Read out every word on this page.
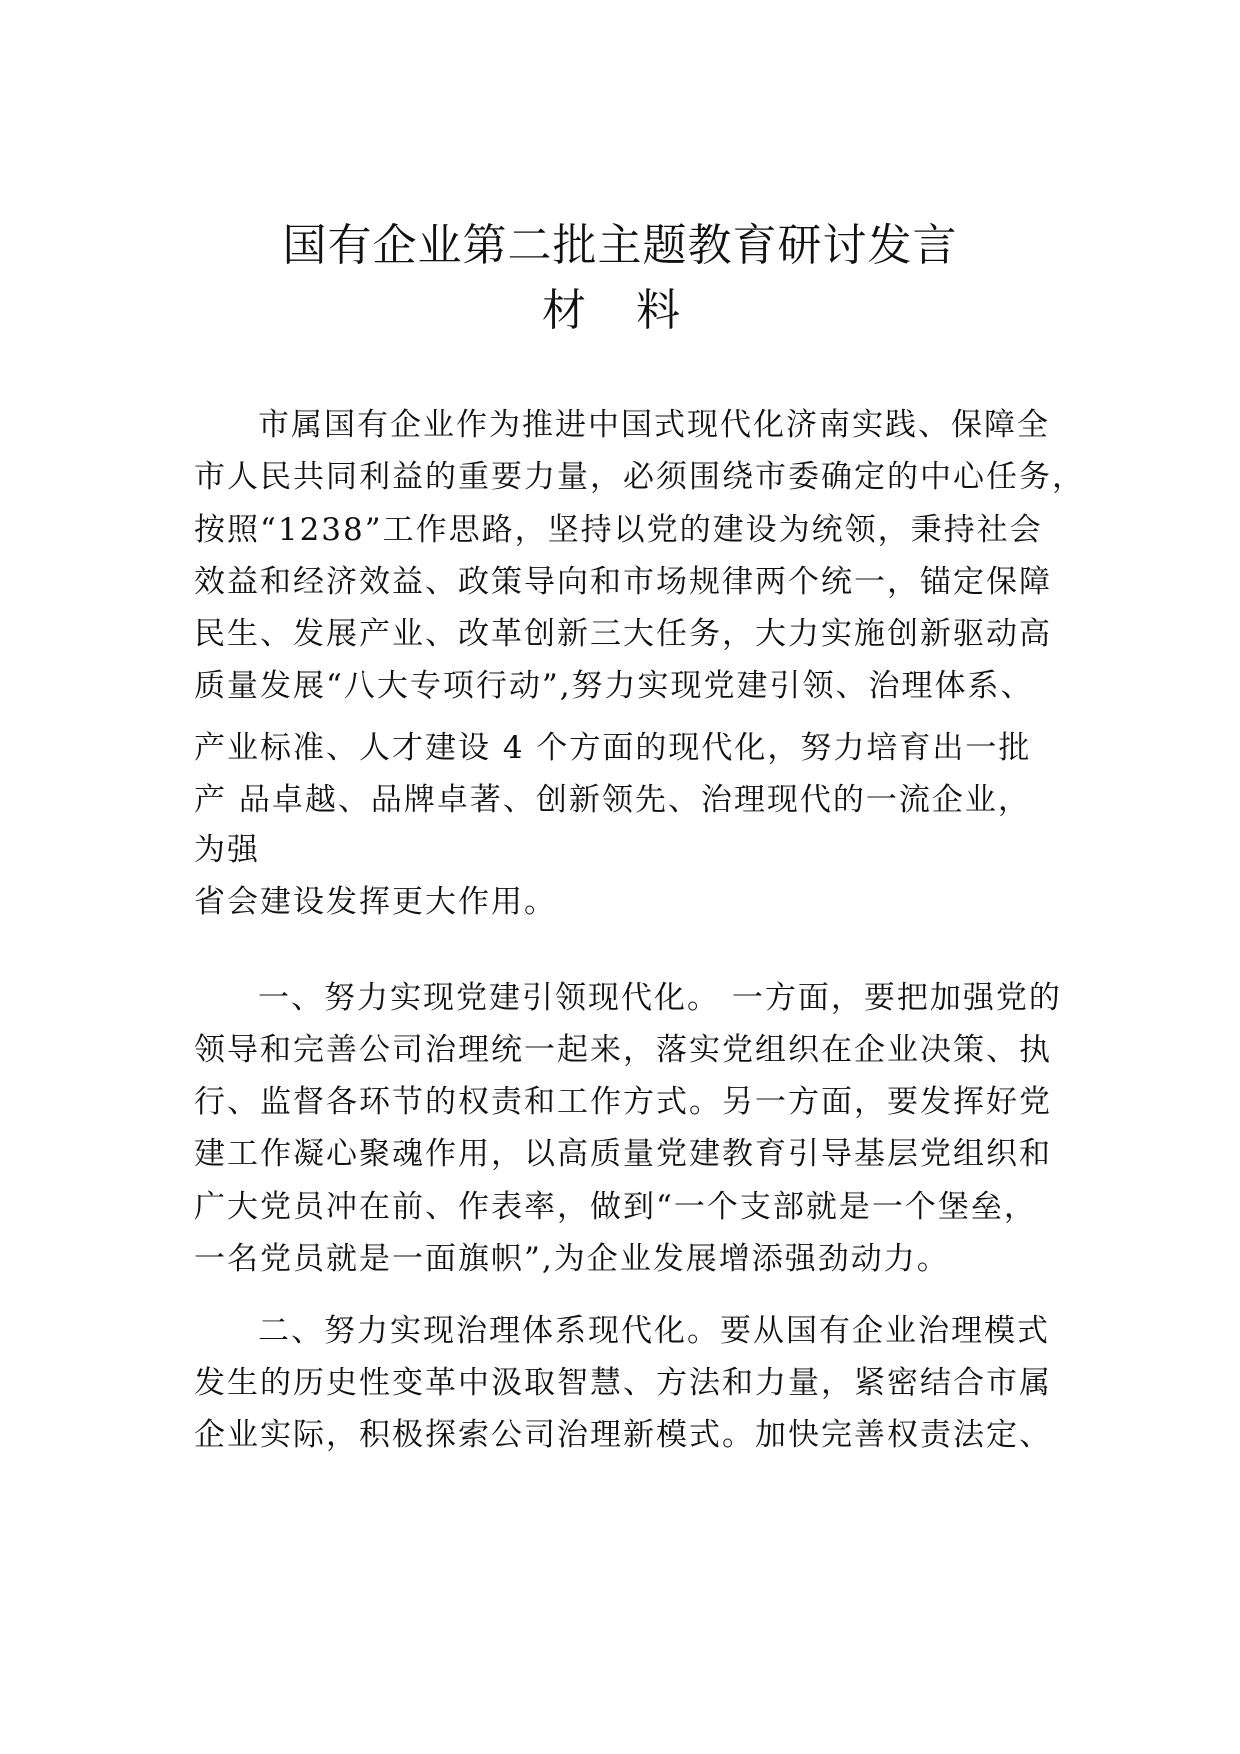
国有企业第二批主题教育研讨发言
材 料
市属国有企业作为推进中国式现代化济南实践、保障全
市人民共同利益的重要力量，必须围绕市委确定的中心任务，
按照“1238”工作思路，坚持以党的建设为统领，秉持社会
效益和经济效益、政策导向和市场规律两个统一，锚定保障
民生、发展产业、改革创新三大任务，大力实施创新驱动高
质量发展“八大专项行动”,努力实现党建引领、治理体系、
产业标准、人才建设 4 个方面的现代化，努力培育出一批
产 品卓越、品牌卓著、创新领先、治理现代的一流企业，
为强
省会建设发挥更大作用。
一、努力实现党建引领现代化。 一方面，要把加强党的
领导和完善公司治理统一起来，落实党组织在企业决策、执
行、监督各环节的权责和工作方式。另一方面，要发挥好党
建工作凝心聚魂作用，以高质量党建教育引导基层党组织和
广大党员冲在前、作表率，做到“一个支部就是一个堡垒，
一名党员就是一面旗帜”,为企业发展增添强劲动力。
二、努力实现治理体系现代化。要从国有企业治理模式
发生的历史性变革中汲取智慧、方法和力量，紧密结合市属
企业实际，积极探索公司治理新模式。加快完善权责法定、
